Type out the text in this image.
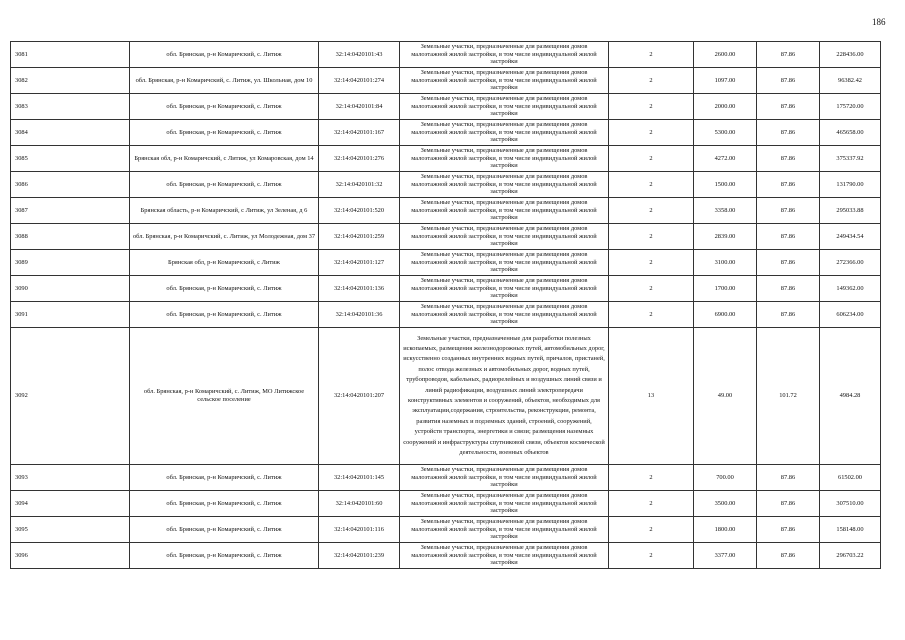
186
3081	обл. Брянская, р-н Комаричский, с. Литиж	32:14:0420101:43	Земельные участки, предназначенные для размещения домов малоэтажной жилой застройки, в том числе индивидуальной жилой застройки	2	2600.00	87.86	228436.00
3082	обл. Брянская, р-н Комаричский, с. Литиж, ул. Школьная, дом 10	32:14:0420101:274	Земельные участки, предназначенные для размещения домов малоэтажной жилой застройки, в том числе индивидуальной жилой застройки	2	1097.00	87.86	96382.42
3083	обл. Брянская, р-н Комаричский, с. Литиж	32:14:0420101:84	Земельные участки, предназначенные для размещения домов малоэтажной жилой застройки, в том числе индивидуальной жилой застройки	2	2000.00	87.86	175720.00
3084	обл. Брянская, р-н Комаричский, с. Литиж	32:14:0420101:167	Земельные участки, предназначенные для размещения домов малоэтажной жилой застройки, в том числе индивидуальной жилой застройки	2	5300.00	87.86	465658.00
3085	Брянская обл, р-н Комаричский, с Литиж, ул Комаровская, дом 14	32:14:0420101:276	Земельные участки, предназначенные для размещения домов малоэтажной жилой застройки, в том числе индивидуальной жилой застройки	2	4272.00	87.86	375337.92
3086	обл. Брянская, р-н Комаричский, с. Литиж	32:14:0420101:32	Земельные участки, предназначенные для размещения домов малоэтажной жилой застройки, в том числе индивидуальной жилой застройки	2	1500.00	87.86	131790.00
3087	Брянская область, р-н Комаричский, с Литиж, ул Зеленая, д 6	32:14:0420101:520	Земельные участки, предназначенные для размещения домов малоэтажной жилой застройки, в том числе индивидуальной жилой застройки	2	3358.00	87.86	295033.88
3088	обл. Брянская, р-н Комаричский, с. Литиж, ул Молодежная, дом 37	32:14:0420101:259	Земельные участки, предназначенные для размещения домов малоэтажной жилой застройки, в том числе индивидуальной жилой застройки	2	2839.00	87.86	249434.54
3089	Брянская обл, р-н Комаричский, с Литиж	32:14:0420101:127	Земельные участки, предназначенные для размещения домов малоэтажной жилой застройки, в том числе индивидуальной жилой застройки	2	3100.00	87.86	272366.00
3090	обл. Брянская, р-н Комаричский, с. Литиж	32:14:0420101:136	Земельные участки, предназначенные для размещения домов малоэтажной жилой застройки, в том числе индивидуальной жилой застройки	2	1700.00	87.86	149362.00
3091	обл. Брянская, р-н Комаричский, с. Литиж	32:14:0420101:36	Земельные участки, предназначенные для размещения домов малоэтажной жилой застройки, в том числе индивидуальной жилой застройки	2	6900.00	87.86	606234.00
3092	обл. Брянская, р-н Комаричский, с. Литиж, МО Литижское сельское поселение	32:14:0420101:207	Земельные участки, предназначенные для разработки полезных ископаемых, размещения железнодорожных путей, автомобильных дорог, искусственно созданных внутренних водных путей, причалов, пристаней, полос отвода железных и автомобильных дорог, водных путей, трубопроводов, кабельных, радиорелейных и воздушных линий связи и линий радиофикации, воздушных линий электропередачи конструктивных элементов и сооружений, объектов, необходимых для эксплуатации,содержания, строительства, реконструкции, ремонта, развития наземных и подземных зданий, строений, сооружений, устройств транспорта, энергетики и связи; размещения наземных сооружений и инфраструктуры спутниковой связи, объектов космической деятельности, военных объектов	13	49.00	101.72	4984.28
3093	обл. Брянская, р-н Комаричский, с. Литиж	32:14:0420101:145	Земельные участки, предназначенные для размещения домов малоэтажной жилой застройки, в том числе индивидуальной жилой застройки	2	700.00	87.86	61502.00
3094	обл. Брянская, р-н Комаричский, с. Литиж	32:14:0420101:60	Земельные участки, предназначенные для размещения домов малоэтажной жилой застройки, в том числе индивидуальной жилой застройки	2	3500.00	87.86	307510.00
3095	обл. Брянская, р-н Комаричский, с. Литиж	32:14:0420101:116	Земельные участки, предназначенные для размещения домов малоэтажной жилой застройки, в том числе индивидуальной жилой застройки	2	1800.00	87.86	158148.00
3096	обл. Брянская, р-н Комаричский, с. Литиж	32:14:0420101:239	Земельные участки, предназначенные для размещения домов малоэтажной жилой застройки, в том числе индивидуальной жилой застройки	2	3377.00	87.86	296703.22
